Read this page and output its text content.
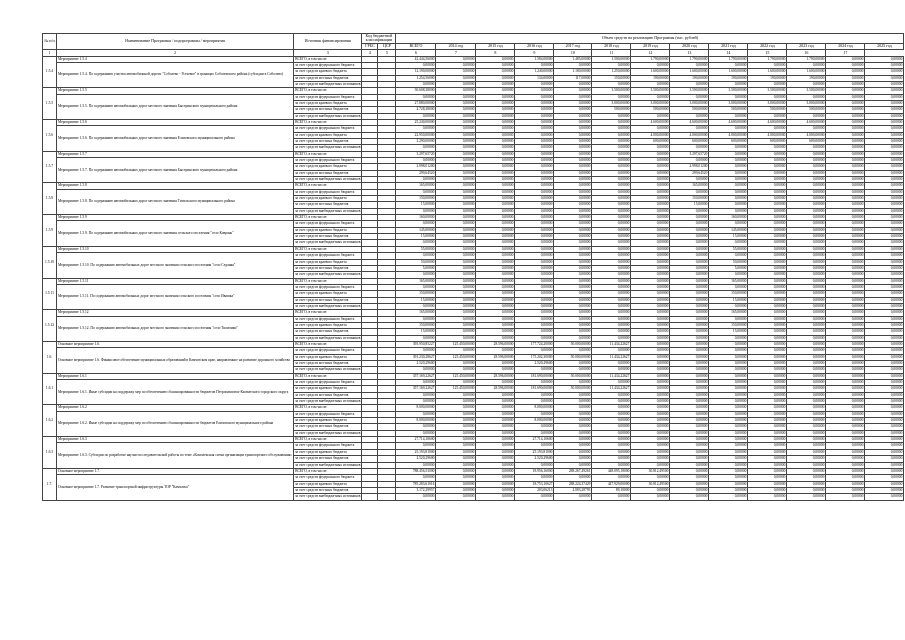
№ п/п	Наименование Программы / подпрограммы / мероприятия	Источник финансирования	Код бюджетной классификации		Объем средств на реализацию Программы (тыс. рублей)												
			ГРБС	ЦСР	ВСЕГО	2014 год	2015 год	2016 год	2017 год	2018 год	2019 год	2020 год	2021 год	2022 год	2023 год	2024 год	2025 год

1	2	3	4	5	6	7	8	9	10	11	12	13	14	15	16	17	
1.5.4	Мероприятие 1.5.4	ВСЕГО, в том числе:			42.444,56000	0,00000	0,00000	1.584,00000	1.485,00000	1.500,00000	1.790,00000	1.790,00000	1.790,00000	1.790,00000	1.790,00000	0,00000	0,00000
	Мероприятие 1.5.4. По содержанию участка автомобильной дороги "Соболево - Устьевое" в границах Соболевского района (субсидии в Соболево)	за счет средств федерального бюджета			0,00000	0,00000	0,00000	0,00000	0,00000	0,00000	0,00000	0,00000	0,00000	0,00000	0,00000	0,00000	0,00000
		за счет средств краевого бюджета			12.190,00000	0,00000	0,00000	1.240,00000	1.180,00000	1.250,00000	1.600,00000	1.600,00000	1.600,00000	1.600,00000	1.600,00000	0,00000	0,00000
		за счет средств местных бюджетов			1.254,56000	0,00000	0,00000	134,00000	117,00000	150,00000	190,00000	190,00000	190,00000	190,00000	190,00000	0,00000	0,00000
		за счет средств внебюджетных источников			0,00000	0,00000	0,00000	0,00000	0,00000	0,00000	0,00000	0,00000	0,00000	0,00000	0,00000	0,00000	0,00000
1.5.5	Мероприятие 1.5.5	ВСЕГО, в том числе:			30.608,38000	0,00000	0,00000	0,00000	0,00000	3.500,00000	3.500,00000	3.500,00000	3.500,00000	3.500,00000	3.500,00000	0,00000	0,00000
	Мероприятие 1.5.5. По содержанию автомобильных дорог местного значения Быстринского муниципального района	за счет средств федерального бюджета			0,00000	0,00000	0,00000	0,00000	0,00000	0,00000	0,00000	0,00000	0,00000	0,00000	0,00000	0,00000	0,00000
		за счет средств краевого бюджета			27.880,00000	0,00000	0,00000	0,00000	0,00000	3.000,00000	3.000,00000	3.000,00000	3.000,00000	3.000,00000	3.000,00000	0,00000	0,00000
		за счет средств местных бюджетов			2.728,38000	0,00000	0,00000	0,00000	0,00000	500,00000	500,00000	500,00000	500,00000	500,00000	500,00000	0,00000	0,00000
		за счет средств внебюджетных источников			0,00000	0,00000	0,00000	0,00000	0,00000	0,00000	0,00000	0,00000	0,00000	0,00000	0,00000	0,00000	0,00000
1.5.6	Мероприятие 1.5.6	ВСЕГО, в том числе:			25.240,00000	0,00000	0,00000	0,00000	0,00000	0,00000	4.600,00000	4.600,00000	4.600,00000	4.600,00000	4.600,00000	0,00000	0,00000
	Мероприятие 1.5.6. По содержанию автомобильных дорог местного значения Елизовского муниципального района	за счет средств федерального бюджета			0,00000	0,00000	0,00000	0,00000	0,00000	0,00000	0,00000	0,00000	0,00000	0,00000	0,00000	0,00000	0,00000
		за счет средств краевого бюджета			22.950,00000	0,00000	0,00000	0,00000	0,00000	0,00000	4.000,00000	4.000,00000	4.000,00000	4.000,00000	4.000,00000	0,00000	0,00000
		за счет средств местных бюджетов			2.290,00000	0,00000	0,00000	0,00000	0,00000	0,00000	600,00000	600,00000	600,00000	600,00000	600,00000	0,00000	0,00000
		за счет средств внебюджетных источников			0,00000	0,00000	0,00000	0,00000	0,00000	0,00000	0,00000	0,00000	0,00000	0,00000	0,00000	0,00000	0,00000
1.5.7	Мероприятие 1.5.7	ВСЕГО, в том числе:			3.297,65720	0,00000	0,00000	0,00000	0,00000	0,00000	0,00000	3.297,65720	0,00000	0,00000	0,00000	0,00000	0,00000
	Мероприятие 1.5.7. По содержанию автомобильных дорог местного значения Быстринского муниципального района	за счет средств федерального бюджета			0,00000	0,00000	0,00000	0,00000	0,00000	0,00000	0,00000	0,00000	0,00000	0,00000	0,00000	0,00000	0,00000
		за счет средств краевого бюджета			2.998,01200	0,00000	0,00000	0,00000	0,00000	0,00000	0,00000	2.998,01200	0,00000	0,00000	0,00000	0,00000	0,00000
		за счет средств местных бюджетов			299,64520	0,00000	0,00000	0,00000	0,00000	0,00000	0,00000	299,64520	0,00000	0,00000	0,00000	0,00000	0,00000
		за счет средств внебюджетных источников			0,00000	0,00000	0,00000	0,00000	0,00000	0,00000	0,00000	0,00000	0,00000	0,00000	0,00000	0,00000	0,00000
1.5.8	Мероприятие 1.5.8	ВСЕГО, в том числе:			165,00000	0,00000	0,00000	0,00000	0,00000	0,00000	0,00000	165,00000	0,00000	0,00000	0,00000	0,00000	0,00000
	Мероприятие 1.5.8. По содержанию автомобильных дорог местного значения Тигильского муниципального района	за счет средств федерального бюджета			0,00000	0,00000	0,00000	0,00000	0,00000	0,00000	0,00000	0,00000	0,00000	0,00000	0,00000	0,00000	0,00000
		за счет средств краевого бюджета			150,00000	0,00000	0,00000	0,00000	0,00000	0,00000	0,00000	150,00000	0,00000	0,00000	0,00000	0,00000	0,00000
		за счет средств местных бюджетов			15,00000	0,00000	0,00000	0,00000	0,00000	0,00000	0,00000	15,00000	0,00000	0,00000	0,00000	0,00000	0,00000
		за счет средств внебюджетных источников			0,00000	0,00000	0,00000	0,00000	0,00000	0,00000	0,00000	0,00000	0,00000	0,00000	0,00000	0,00000	0,00000
1.5.9	Мероприятие 1.5.9	ВСЕГО, в том числе:			160,00000	0,00000	0,00000	0,00000	0,00000	0,00000	0,00000	0,00000	160,00000	0,00000	0,00000	0,00000	0,00000
	Мероприятие 1.5.9. По содержанию автомобильных дорог местного значения сельского поселения "село Коврань"	за счет средств федерального бюджета			0,00000	0,00000	0,00000	0,00000	0,00000	0,00000	0,00000	0,00000	0,00000	0,00000	0,00000	0,00000	0,00000
		за счет средств краевого бюджета			145,00000	0,00000	0,00000	0,00000	0,00000	0,00000	0,00000	0,00000	145,00000	0,00000	0,00000	0,00000	0,00000
		за счет средств местных бюджетов			15,00000	0,00000	0,00000	0,00000	0,00000	0,00000	0,00000	0,00000	15,00000	0,00000	0,00000	0,00000	0,00000
		за счет средств внебюджетных источников			0,00000	0,00000	0,00000	0,00000	0,00000	0,00000	0,00000	0,00000	0,00000	0,00000	0,00000	0,00000	0,00000
1.5.10	Мероприятие 1.5.10	ВСЕГО, в том числе:			55,00000	0,00000	0,00000	0,00000	0,00000	0,00000	0,00000	0,00000	55,00000	0,00000	0,00000	0,00000	0,00000
	Мероприятие 1.5.10. По содержанию автомобильных дорог местного значения сельского поселения "село Седанка"	за счет средств федерального бюджета			0,00000	0,00000	0,00000	0,00000	0,00000	0,00000	0,00000	0,00000	0,00000	0,00000	0,00000	0,00000	0,00000
		за счет средств краевого бюджета			50,00000	0,00000	0,00000	0,00000	0,00000	0,00000	0,00000	0,00000	50,00000	0,00000	0,00000	0,00000	0,00000
		за счет средств местных бюджетов			5,00000	0,00000	0,00000	0,00000	0,00000	0,00000	0,00000	0,00000	5,00000	0,00000	0,00000	0,00000	0,00000
		за счет средств внебюджетных источников			0,00000	0,00000	0,00000	0,00000	0,00000	0,00000	0,00000	0,00000	0,00000	0,00000	0,00000	0,00000	0,00000
1.5.11	Мероприятие 1.5.11	ВСЕГО, в том числе:			165,00000	0,00000	0,00000	0,00000	0,00000	0,00000	0,00000	0,00000	165,00000	0,00000	0,00000	0,00000	0,00000
	Мероприятие 1.5.11. По содержанию автомобильных дорог местного значения сельского поселения "село Ивашка"	за счет средств федерального бюджета			0,00000	0,00000	0,00000	0,00000	0,00000	0,00000	0,00000	0,00000	0,00000	0,00000	0,00000	0,00000	0,00000
		за счет средств краевого бюджета			150,00000	0,00000	0,00000	0,00000	0,00000	0,00000	0,00000	0,00000	150,00000	0,00000	0,00000	0,00000	0,00000
		за счет средств местных бюджетов			15,00000	0,00000	0,00000	0,00000	0,00000	0,00000	0,00000	0,00000	15,00000	0,00000	0,00000	0,00000	0,00000
		за счет средств внебюджетных источников			0,00000	0,00000	0,00000	0,00000	0,00000	0,00000	0,00000	0,00000	0,00000	0,00000	0,00000	0,00000	0,00000
1.5.12	Мероприятие 1.5.12	ВСЕГО, в том числе:			165,00000	0,00000	0,00000	0,00000	0,00000	0,00000	0,00000	0,00000	165,00000	0,00000	0,00000	0,00000	0,00000
	Мероприятие 1.5.12. По содержанию автомобильных дорог местного значения сельского поселения "село Тиличики"	за счет средств федерального бюджета			0,00000	0,00000	0,00000	0,00000	0,00000	0,00000	0,00000	0,00000	0,00000	0,00000	0,00000	0,00000	0,00000
		за счет средств краевого бюджета			150,00000	0,00000	0,00000	0,00000	0,00000	0,00000	0,00000	0,00000	150,00000	0,00000	0,00000	0,00000	0,00000
		за счет средств местных бюджетов			15,00000	0,00000	0,00000	0,00000	0,00000	0,00000	0,00000	0,00000	15,00000	0,00000	0,00000	0,00000	0,00000
		за счет средств внебюджетных источников			0,00000	0,00000	0,00000	0,00000	0,00000	0,00000	0,00000	0,00000	0,00000	0,00000	0,00000	0,00000	0,00000
1.6.	Основное мероприятие 1.6.	ВСЕГО, в том числе:			393.950,85227	125.450,00000	28.596,00000	177.724,20000	50.000,00000	11.434,22627	0,00000	0,00000	0,00000	0,00000	0,00000	0,00000	0,00000
	Основное мероприятие 1.6. Финансовое обеспечение муниципальных образований в Камчатском крае, направленное на развитие дорожного хозяйства	за счет средств федерального бюджета			0,00000	0,00000	0,00000	0,00000	0,00000	0,00000	0,00000	0,00000	0,00000	0,00000	0,00000	0,00000	0,00000
		за счет средств краевого бюджета			391.230,28627	125.450,00000	28.596,00000	175.202,30000	50.000,00000	11.434,22627	0,00000	0,00000	0,00000	0,00000	0,00000	0,00000	0,00000
		за счет средств местных бюджетов			2.520,29600	0,00000	0,00000	2.520,29600	0,00000	0,00000	0,00000	0,00000	0,00000	0,00000	0,00000	0,00000	0,00000
		за счет средств внебюджетных источников			0,00000	0,00000	0,00000	0,00000	0,00000	0,00000	0,00000	0,00000	0,00000	0,00000	0,00000	0,00000	0,00000
1.6.1	Мероприятие 1.6.1	ВСЕГО, в том числе:			357.169,22627	125.450,00000	28.596,00000	181.690,00000	50.000,00000	11.434,22627	0,00000	0,00000	0,00000	0,00000	0,00000	0,00000	0,00000
	Мероприятие 1.6.1. Иные субсидии на поддержку мер по обеспечению сбалансированности бюджетов Петропавловск-Камчатского городского округа	за счет средств федерального бюджета			0,00000	0,00000	0,00000	0,00000	0,00000	0,00000	0,00000	0,00000	0,00000	0,00000	0,00000	0,00000	0,00000
		за счет средств краевого бюджета			357.169,22627	125.450,00000	28.596,00000	181.690,00000	50.000,00000	11.434,22627	0,00000	0,00000	0,00000	0,00000	0,00000	0,00000	0,00000
		за счет средств местных бюджетов			0,00000	0,00000	0,00000	0,00000	0,00000	0,00000	0,00000	0,00000	0,00000	0,00000	0,00000	0,00000	0,00000
		за счет средств внебюджетных источников			0,00000	0,00000	0,00000	0,00000	0,00000	0,00000	0,00000	0,00000	0,00000	0,00000	0,00000	0,00000	0,00000
1.6.2	Мероприятие 1.6.2	ВСЕГО, в том числе:			8.000,00000	0,00000	0,00000	8.000,00000	0,00000	0,00000	0,00000	0,00000	0,00000	0,00000	0,00000	0,00000	0,00000
	Мероприятие 1.6.2. Иные субсидии на поддержку мер по обеспечению сбалансированности бюджетов Елизовского муниципального района	за счет средств федерального бюджета			0,00000	0,00000	0,00000	0,00000	0,00000	0,00000	0,00000	0,00000	0,00000	0,00000	0,00000	0,00000	0,00000
		за счет средств краевого бюджета			8.000,00000	0,00000	0,00000	8.000,00000	0,00000	0,00000	0,00000	0,00000	0,00000	0,00000	0,00000	0,00000	0,00000
		за счет средств местных бюджетов			0,00000	0,00000	0,00000	0,00000	0,00000	0,00000	0,00000	0,00000	0,00000	0,00000	0,00000	0,00000	0,00000
		за счет средств внебюджетных источников			0,00000	0,00000	0,00000	0,00000	0,00000	0,00000	0,00000	0,00000	0,00000	0,00000	0,00000	0,00000	0,00000
1.6.3	Мероприятие 1.6.3	ВСЕГО, в том числе:			27.714,10600	0,00000	0,00000	27.714,10600	0,00000	0,00000	0,00000	0,00000	0,00000	0,00000	0,00000	0,00000	0,00000
	Мероприятие 1.6.3. Субсидии по разработке научно-исследовательской работы по теме «Комплексная схема организации транспортного обслуживания»	за счет средств федерального бюджета			0,00000	0,00000	0,00000	0,00000	0,00000	0,00000	0,00000	0,00000	0,00000	0,00000	0,00000	0,00000	0,00000
		за счет средств краевого бюджета			25.193,81000	0,00000	0,00000	25.193,81000	0,00000	0,00000	0,00000	0,00000	0,00000	0,00000	0,00000	0,00000	0,00000
		за счет средств местных бюджетов			2.520,29600	0,00000	0,00000	2.520,29600	0,00000	0,00000	0,00000	0,00000	0,00000	0,00000	0,00000	0,00000	0,00000
		за счет средств внебюджетных источников			0,00000	0,00000	0,00000	0,00000	0,00000	0,00000	0,00000	0,00000	0,00000	0,00000	0,00000	0,00000	0,00000
1.7.	Основное мероприятие 1.7.	ВСЕГО, в том числе:			788.456,53000	0,00000	0,00000	18.956,16000	288.267,49261	448.095,18000	30.812,49500	0,00000	0,00000	0,00000	0,00000	0,00000	0,00000
	Основное мероприятие 1.7. Развитие транспортной инфраструктуры ТОР "Камчатка"	за счет средств федерального бюджета			0,00000	0,00000	0,00000	0,00000	0,00000	0,00000	0,00000	0,00000	0,00000	0,00000	0,00000	0,00000	0,00000
		за счет средств краевого бюджета			785.283,61014	0,00000	0,00000	18.753,10627	288.224,37429	447.929,00000	30.812,49500	0,00000	0,00000	0,00000	0,00000	0,00000	0,00000
		за счет средств местных бюджетов			3.172,29957	0,00000	0,00000	203,06213	2.083,28793	89,10000	0,00000	0,00000	0,00000	0,00000	0,00000	0,00000	0,00000
		за счет средств внебюджетных источников			0,00000	0,00000	0,00000	0,00000	0,00000	0,00000	0,00000	0,00000	0,00000	0,00000	0,00000	0,00000	0,00000
